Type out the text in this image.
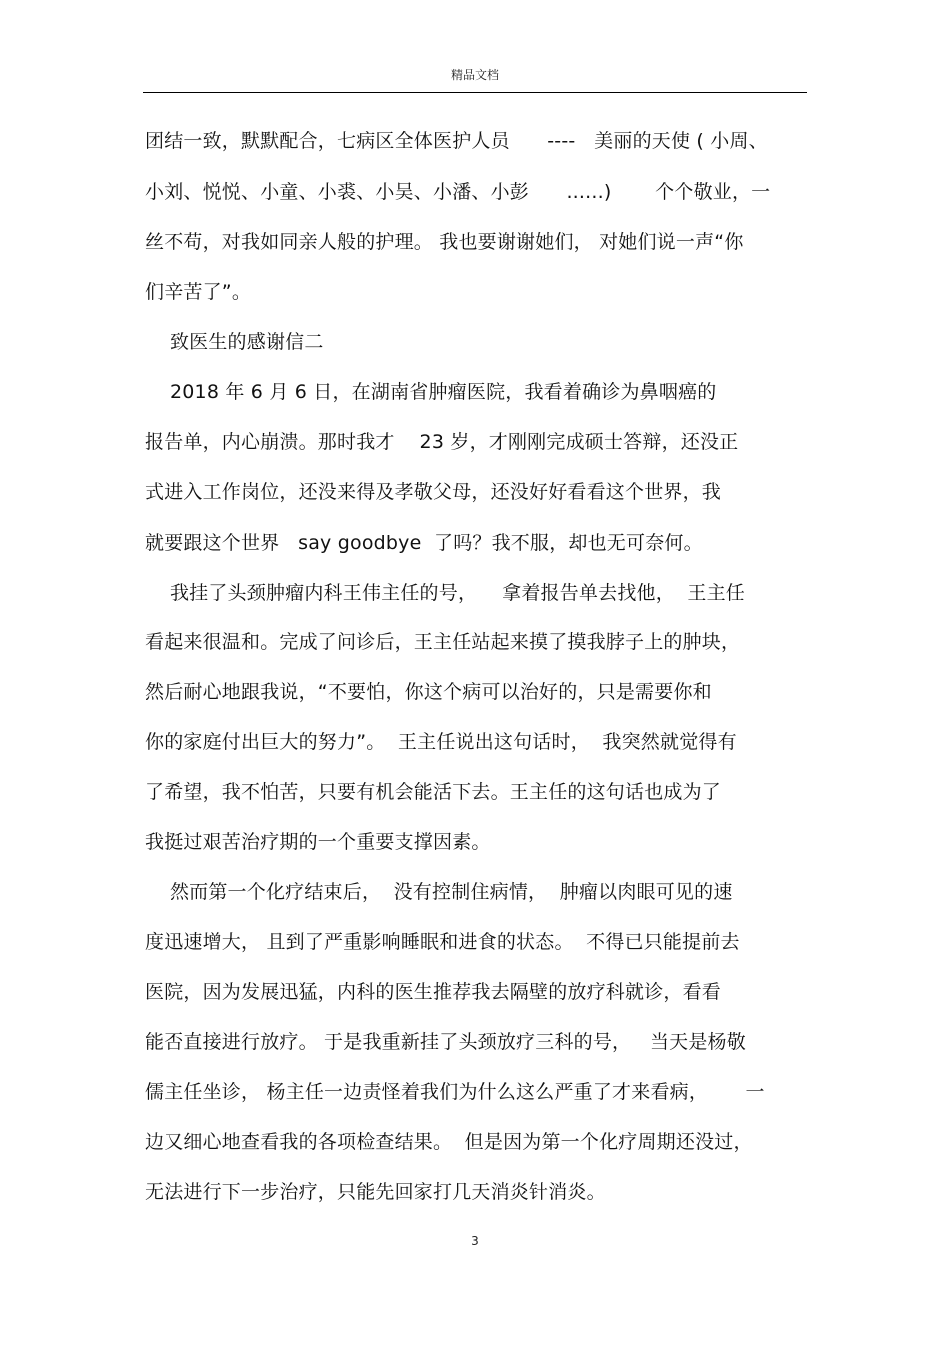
精品文档
团结一致，默默配合，七病区全体医护人员      ----   美丽的天使 ( 小周、
小刘、悦悦、小童、小裘、小吴、小潘、小彭      ......)       个个敬业，一
丝不苟，对我如同亲人般的护理。 我也要谢谢她们， 对她们说一声“你
们辛苦了”。
致医生的感谢信二
2018 年 6 月 6 日，在湖南省肿瘤医院，我看着确诊为鼻咽癌的
报告单，内心崩溃。那时我才    23 岁，才刚刚完成硕士答辩，还没正
式进入工作岗位，还没来得及孝敬父母，还没好好看看这个世界，我
就要跟这个世界   say goodbye  了吗？我不服，却也无可奈何。
我挂了头颈肿瘤内科王伟主任的号，    拿着报告单去找他，  王主任
看起来很温和。完成了问诊后，王主任站起来摸了摸我脖子上的肿块，
然后耐心地跟我说，“不要怕，你这个病可以治好的，只是需要你和
你的家庭付出巨大的努力”。  王主任说出这句话时，  我突然就觉得有
了希望，我不怕苦，只要有机会能活下去。王主任的这句话也成为了
我挺过艰苦治疗期的一个重要支撑因素。
然而第一个化疗结束后，  没有控制住病情，  肿瘤以肉眼可见的速
度迅速增大， 且到了严重影响睡眠和进食的状态。  不得已只能提前去
医院，因为发展迅猛，内科的医生推荐我去隔壁的放疗科就诊，看看
能否直接进行放疗。 于是我重新挂了头颈放疗三科的号，   当天是杨敬
儒主任坐诊， 杨主任一边责怪着我们为什么这么严重了才来看病，      一
边又细心地查看我的各项检查结果。  但是因为第一个化疗周期还没过，
无法进行下一步治疗，只能先回家打几天消炎针消炎。
3
